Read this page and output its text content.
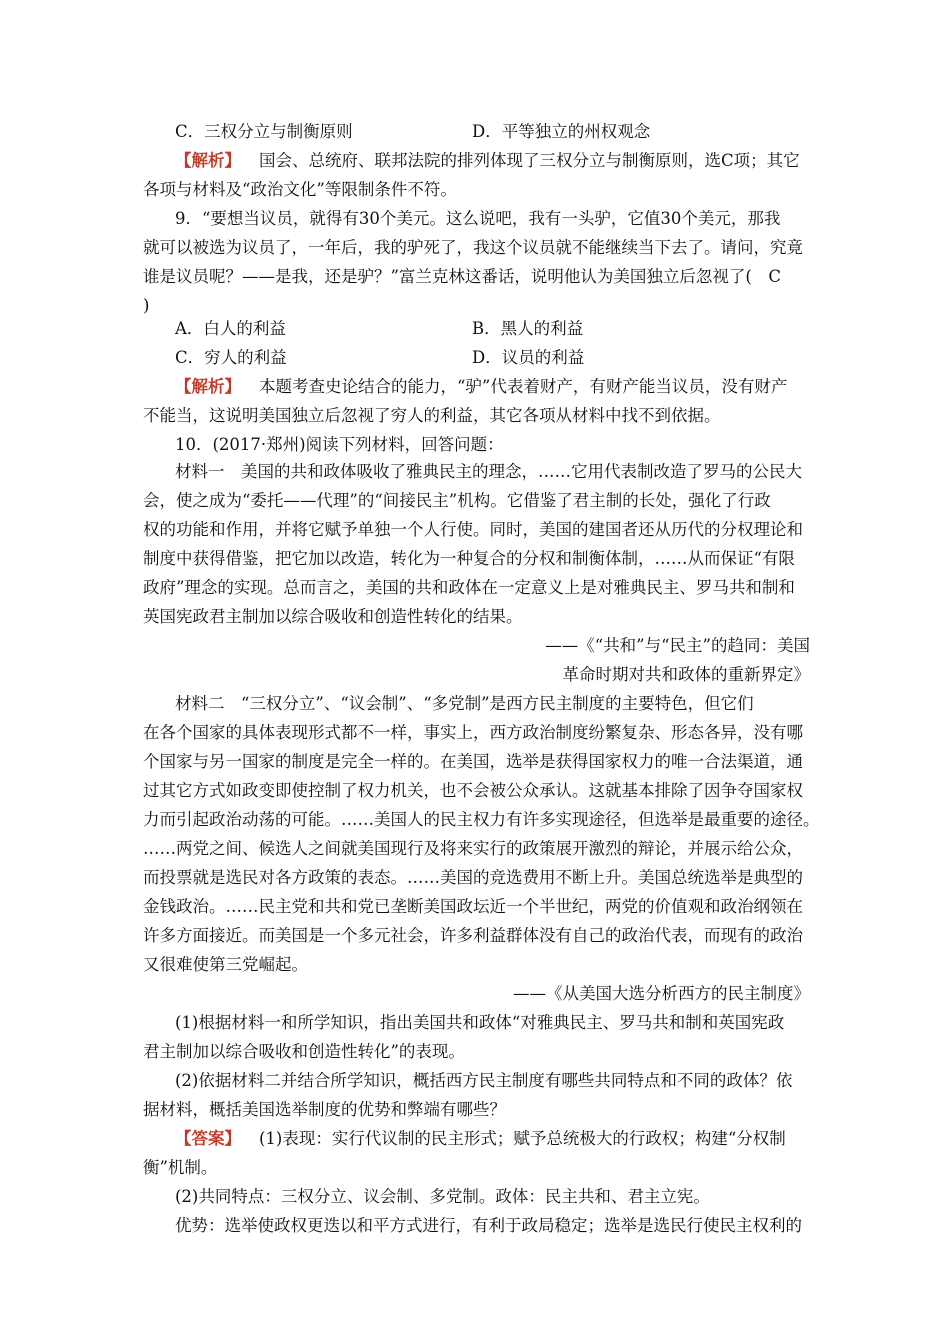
C．三权分立与制衡原则	D．平等独立的州权观念
【解析】 国会、总统府、联邦法院的排列体现了三权分立与制衡原则，选C项；其它
各项与材料及“政治文化”等限制条件不符。
9．“要想当议员，就得有30个美元。这么说吧，我有一头驴，它值30个美元，那我
就可以被选为议员了，一年后，我的驴死了，我这个议员就不能继续当下去了。请问，究竟
谁是议员呢？——是我，还是驴？”富兰克林这番话，说明他认为美国独立后忽视了(　C
)
A．白人的利益	B．黑人的利益
C．穷人的利益	D．议员的利益
【解析】 本题考查史论结合的能力，“驴”代表着财产，有财产能当议员，没有财产
不能当，这说明美国独立后忽视了穷人的利益，其它各项从材料中找不到依据。
10．(2017·郑州)阅读下列材料，回答问题：
材料一　美国的共和政体吸收了雅典民主的理念，……它用代表制改造了罗马的公民大
会，使之成为“委托——代理”的“间接民主”机构。它借鉴了君主制的长处，强化了行政
权的功能和作用，并将它赋予单独一个人行使。同时，美国的建国者还从历代的分权理论和
制度中获得借鉴，把它加以改造，转化为一种复合的分权和制衡体制，……从而保证“有限
政府”理念的实现。总而言之，美国的共和政体在一定意义上是对雅典民主、罗马共和制和
英国宪政君主制加以综合吸收和创造性转化的结果。
——《“共和”与“民主”的趋同：美国
革命时期对共和政体的重新界定》
材料二　“三权分立”、“议会制”、“多党制”是西方民主制度的主要特色，但它们
在各个国家的具体表现形式都不一样，事实上，西方政治制度纷繁复杂、形态各异，没有哪
个国家与另一国家的制度是完全一样的。在美国，选举是获得国家权力的唯一合法渠道，通
过其它方式如政变即使控制了权力机关，也不会被公众承认。这就基本排除了因争夺国家权
力而引起政治动荡的可能。……美国人的民主权力有许多实现途径，但选举是最重要的途径。
……两党之间、候选人之间就美国现行及将来实行的政策展开激烈的辩论，并展示给公众，
而投票就是选民对各方政策的表态。……美国的竞选费用不断上升。美国总统选举是典型的
金钱政治。……民主党和共和党已垄断美国政坛近一个半世纪，两党的价值观和政治纲领在
许多方面接近。而美国是一个多元社会，许多利益群体没有自己的政治代表，而现有的政治
又很难使第三党崛起。
——《从美国大选分析西方的民主制度》
(1)根据材料一和所学知识，指出美国共和政体“对雅典民主、罗马共和制和英国宪政
君主制加以综合吸收和创造性转化”的表现。
(2)依据材料二并结合所学知识，概括西方民主制度有哪些共同特点和不同的政体？依
据材料，概括美国选举制度的优势和弊端有哪些？
【答案】 (1)表现：实行代议制的民主形式；赋予总统极大的行政权；构建“分权制
衡”机制。
(2)共同特点：三权分立、议会制、多党制。政体：民主共和、君主立宪。
优势：选举使政权更迭以和平方式进行，有利于政局稳定；选举是选民行使民主权利的
